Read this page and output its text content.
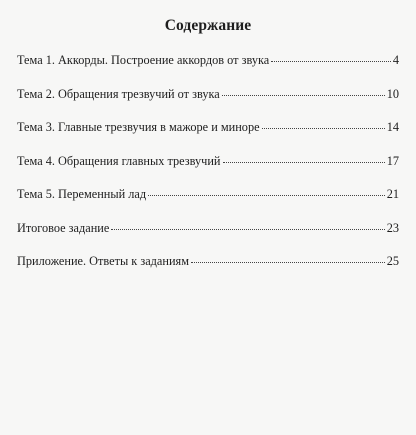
Содержание
Тема 1. Аккорды. Построение аккордов от звука	4
Тема 2. Обращения трезвучий от звука	10
Тема 3. Главные трезвучия в мажоре и миноре	14
Тема 4. Обращения главных трезвучий	17
Тема 5. Переменный лад	21
Итоговое задание	23
Приложение. Ответы к заданиям	25
